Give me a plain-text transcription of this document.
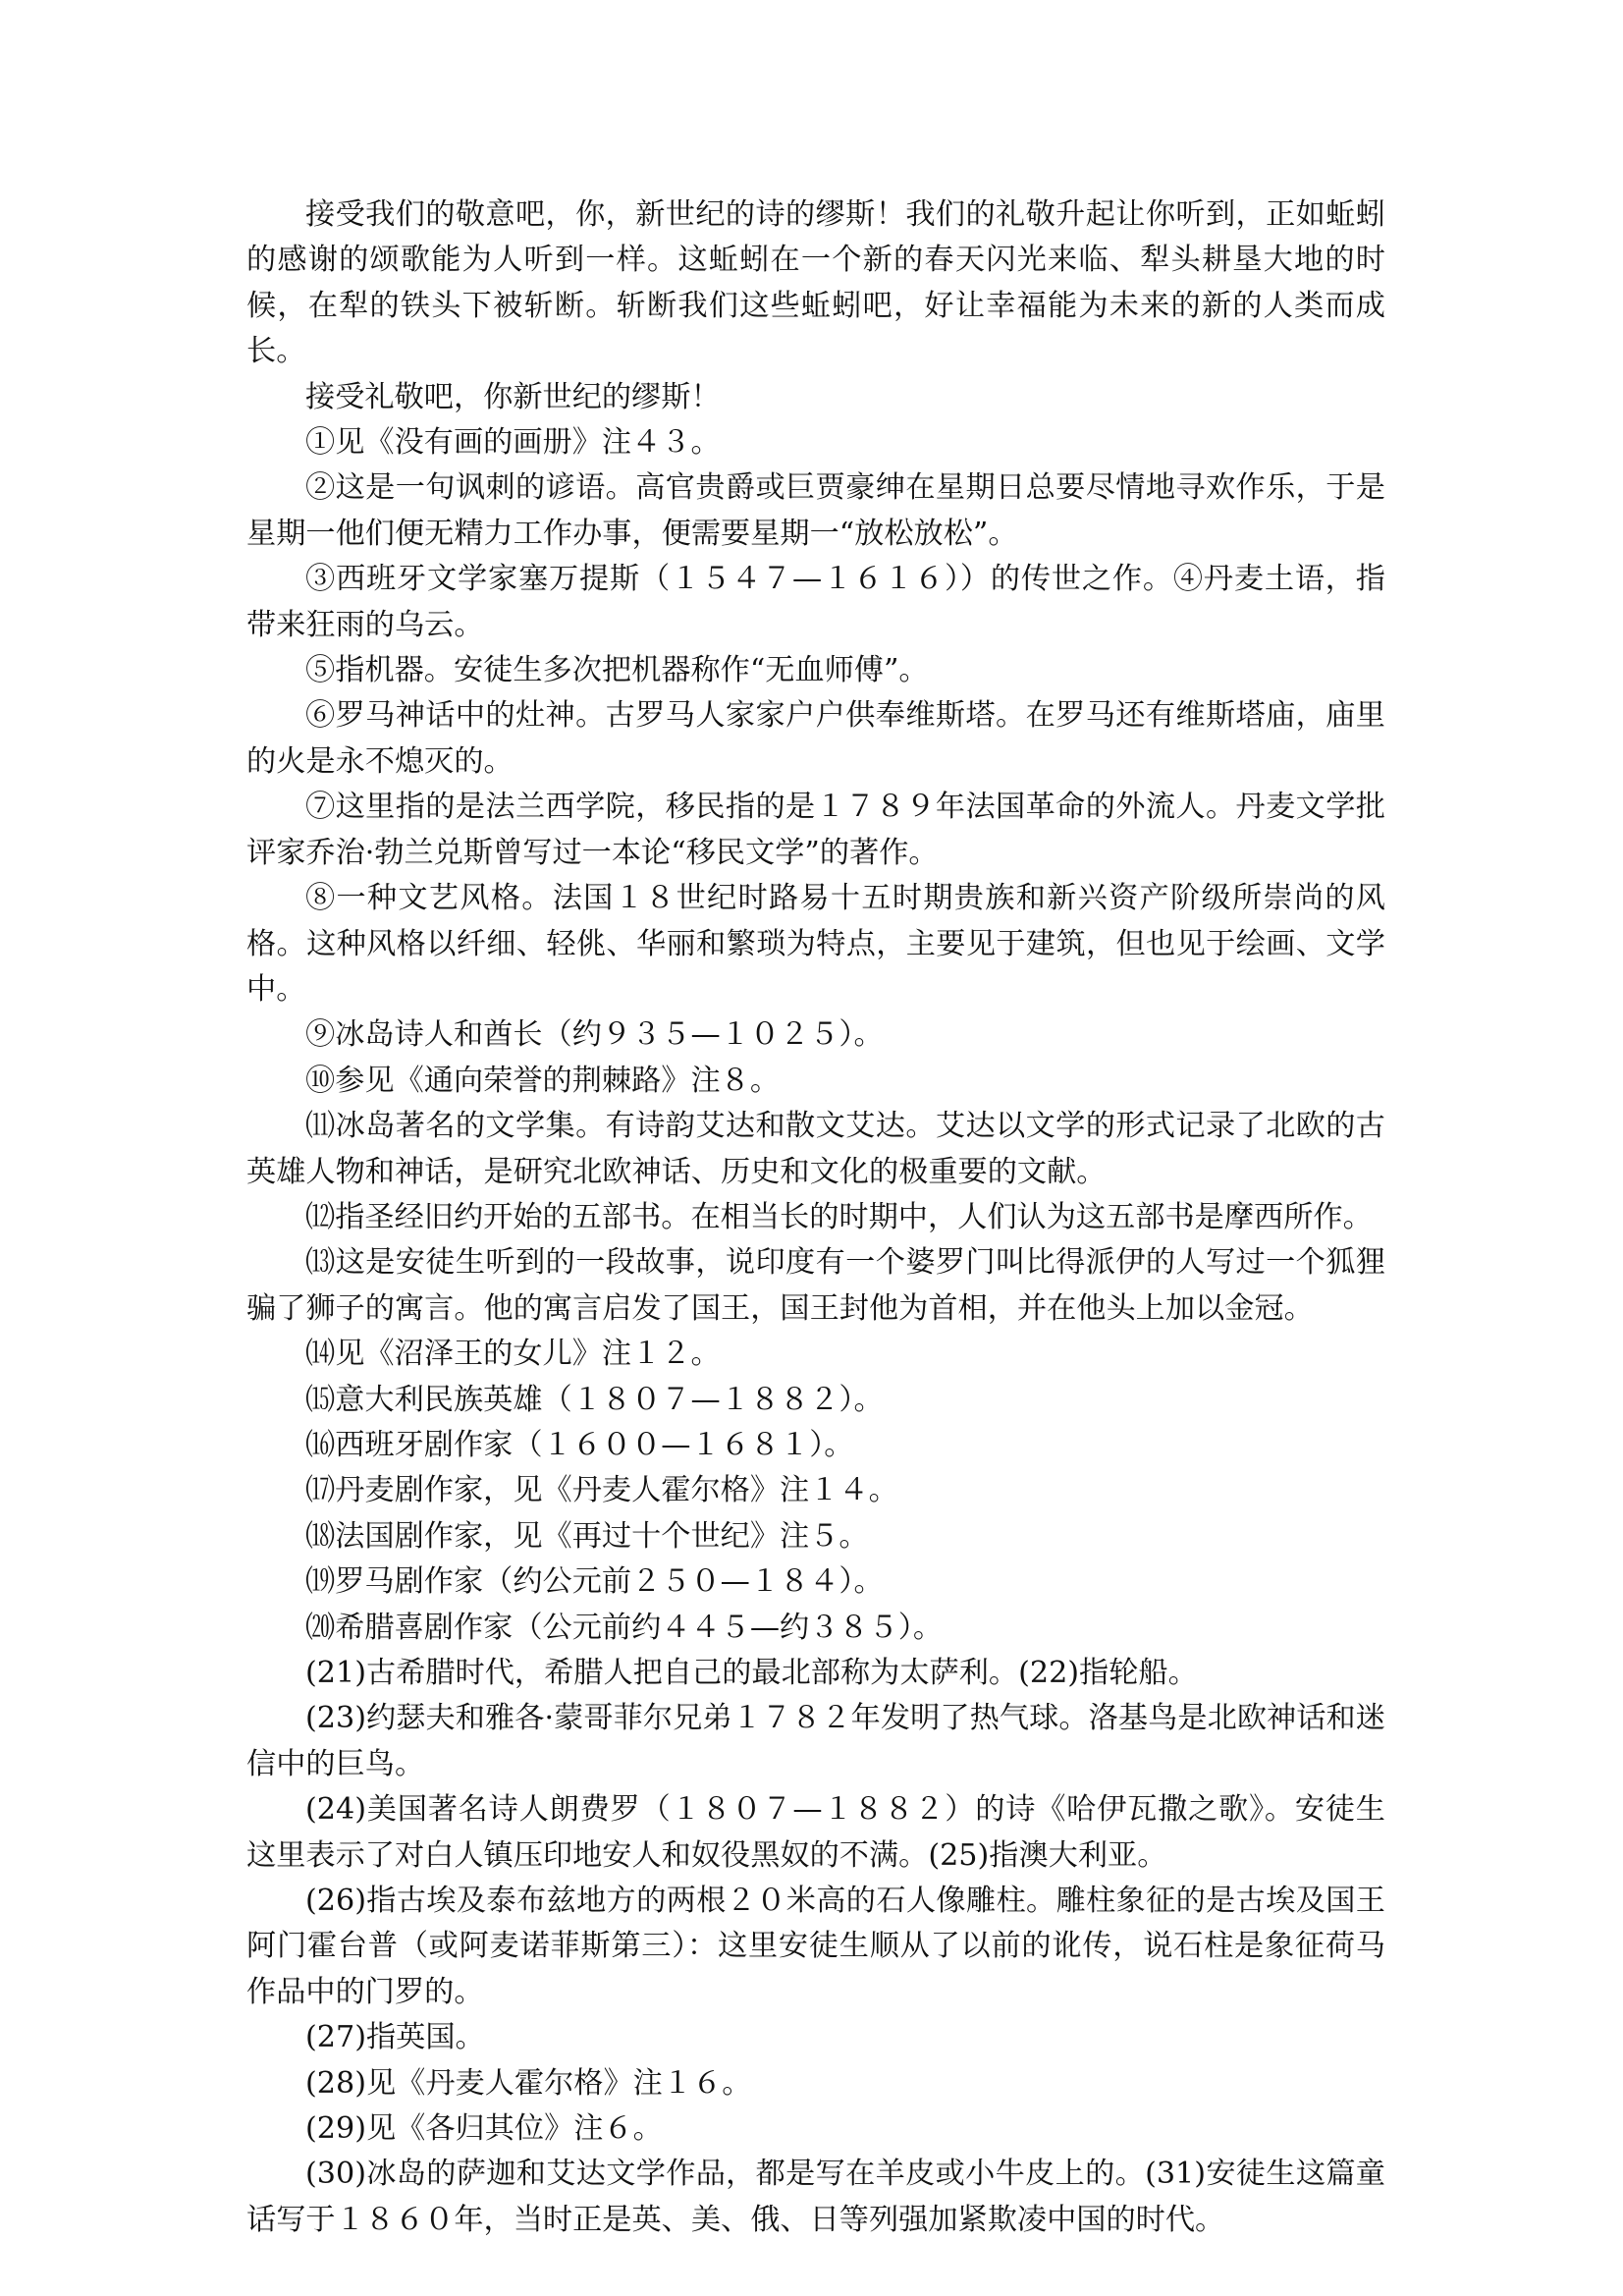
接受我们的敬意吧，你，新世纪的诗的缪斯！我们的礼敬升起让你听到，正如蚯蚓的感谢的颂歌能为人听到一样。这蚯蚓在一个新的春天闪光来临、犁头耕垦大地的时候，在犁的铁头下被斩断。斩断我们这些蚯蚓吧，好让幸福能为未来的新的人类而成长。

接受礼敬吧，你新世纪的缪斯！

①见《没有画的画册》注４３。

②这是一句讽刺的谚语。高官贵爵或巨贾豪绅在星期日总要尽情地寻欢作乐，于是星期一他们便无精力工作办事，便需要星期一“放松放松”。

③西班牙文学家塞万提斯（１５４７—１６１６））的传世之作。④丹麦土语，指带来狂雨的乌云。

⑤指机器。安徒生多次把机器称作“无血师傅”。

⑥罗马神话中的灶神。古罗马人家家户户供奉维斯塔。在罗马还有维斯塔庙，庙里的火是永不熄灭的。

⑦这里指的是法兰西学院，移民指的是１７８９年法国革命的外流人。丹麦文学批评家乔治·勃兰兑斯曾写过一本论“移民文学”的著作。

⑧一种文艺风格。法国１８世纪时路易十五时期贵族和新兴资产阶级所崇尚的风格。这种风格以纤细、轻佻、华丽和繁琐为特点，主要见于建筑，但也见于绘画、文学中。

⑨冰岛诗人和酋长（约９３５—１０２５）。

⑩参见《通向荣誉的荆棘路》注８。

⑾冰岛著名的文学集。有诗韵艾达和散文艾达。艾达以文学的形式记录了北欧的古英雄人物和神话，是研究北欧神话、历史和文化的极重要的文献。

⑿指圣经旧约开始的五部书。在相当长的时期中，人们认为这五部书是摩西所作。

⒀这是安徒生听到的一段故事，说印度有一个婆罗门叫比得派伊的人写过一个狐狸骗了狮子的寓言。他的寓言启发了国王，国王封他为首相，并在他头上加以金冠。

⒁见《沼泽王的女儿》注１２。

⒂意大利民族英雄（１８０７—１８８２）。

⒃西班牙剧作家（１６００—１６８１）。

⒄丹麦剧作家，见《丹麦人霍尔格》注１４。

⒅法国剧作家，见《再过十个世纪》注５。

⒆罗马剧作家（约公元前２５０—１８４）。

⒇希腊喜剧作家（公元前约４４５—约３８５）。

(21)古希腊时代，希腊人把自己的最北部称为太萨利。(22)指轮船。

(23)约瑟夫和雅各·蒙哥菲尔兄弟１７８２年发明了热气球。洛基鸟是北欧神话和迷信中的巨鸟。

(24)美国著名诗人朗费罗（１８０７—１８８２）的诗《哈伊瓦撒之歌》。安徒生这里表示了对白人镇压印地安人和奴役黑奴的不满。(25)指澳大利亚。

(26)指古埃及泰布兹地方的两根２０米高的石人像雕柱。雕柱象征的是古埃及国王阿门霍台普（或阿麦诺菲斯第三）：这里安徒生顺从了以前的讹传，说石柱是象征荷马作品中的门罗的。

(27)指英国。

(28)见《丹麦人霍尔格》注１６。

(29)见《各归其位》注６。

(30)冰岛的萨迦和艾达文学作品，都是写在羊皮或小牛皮上的。(31)安徒生这篇童话写于１８６０年，当时正是英、美、俄、日等列强加紧欺凌中国的时代。
